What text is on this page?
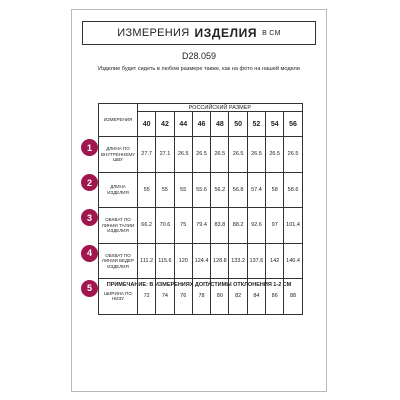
ИЗМЕРЕНИЯ ИЗДЕЛИЯ В СМ
D28.059
Изделие будет сидеть в любом размере также, как на фото на нашей модели
ИЗМЕРЕНИЯ	РОССИЙСКИЙ РАЗМЕР								
	40	42	44	46	48	50	52	54	56
ДЛИНА ПО ВНУТРЕННЕМУ ШВУ	27.7	27.1	26.5	26.5	26.5	26.5	26.5	26.5	26.5
ДЛИНА ИЗДЕЛИЯ	55	55	55	55.6	56.2	56.8	57.4	58	58.6
ОБХВАТ ПО ЛИНИИ ТАЛИИ ИЗДЕЛИЯ	66.2	70.6	75	79.4	83.8	88.2	92.6	97	101.4
ОБХВАТ ПО ЛИНИИ БЕДЕР ИЗДЕЛИЯ	111.2	115.6	120	124.4	128.8	133.2	137.6	142	146.4
ШИРИНА ПО НИЗУ	72	74	76	78	80	82	84	86	88
1
2
3
4
5	ПРИМЕЧАНИЕ: В ИЗМЕРЕНИЯХ ДОПУСТИМЫ ОТКЛОНЕНИЯ 1-2 СМ
